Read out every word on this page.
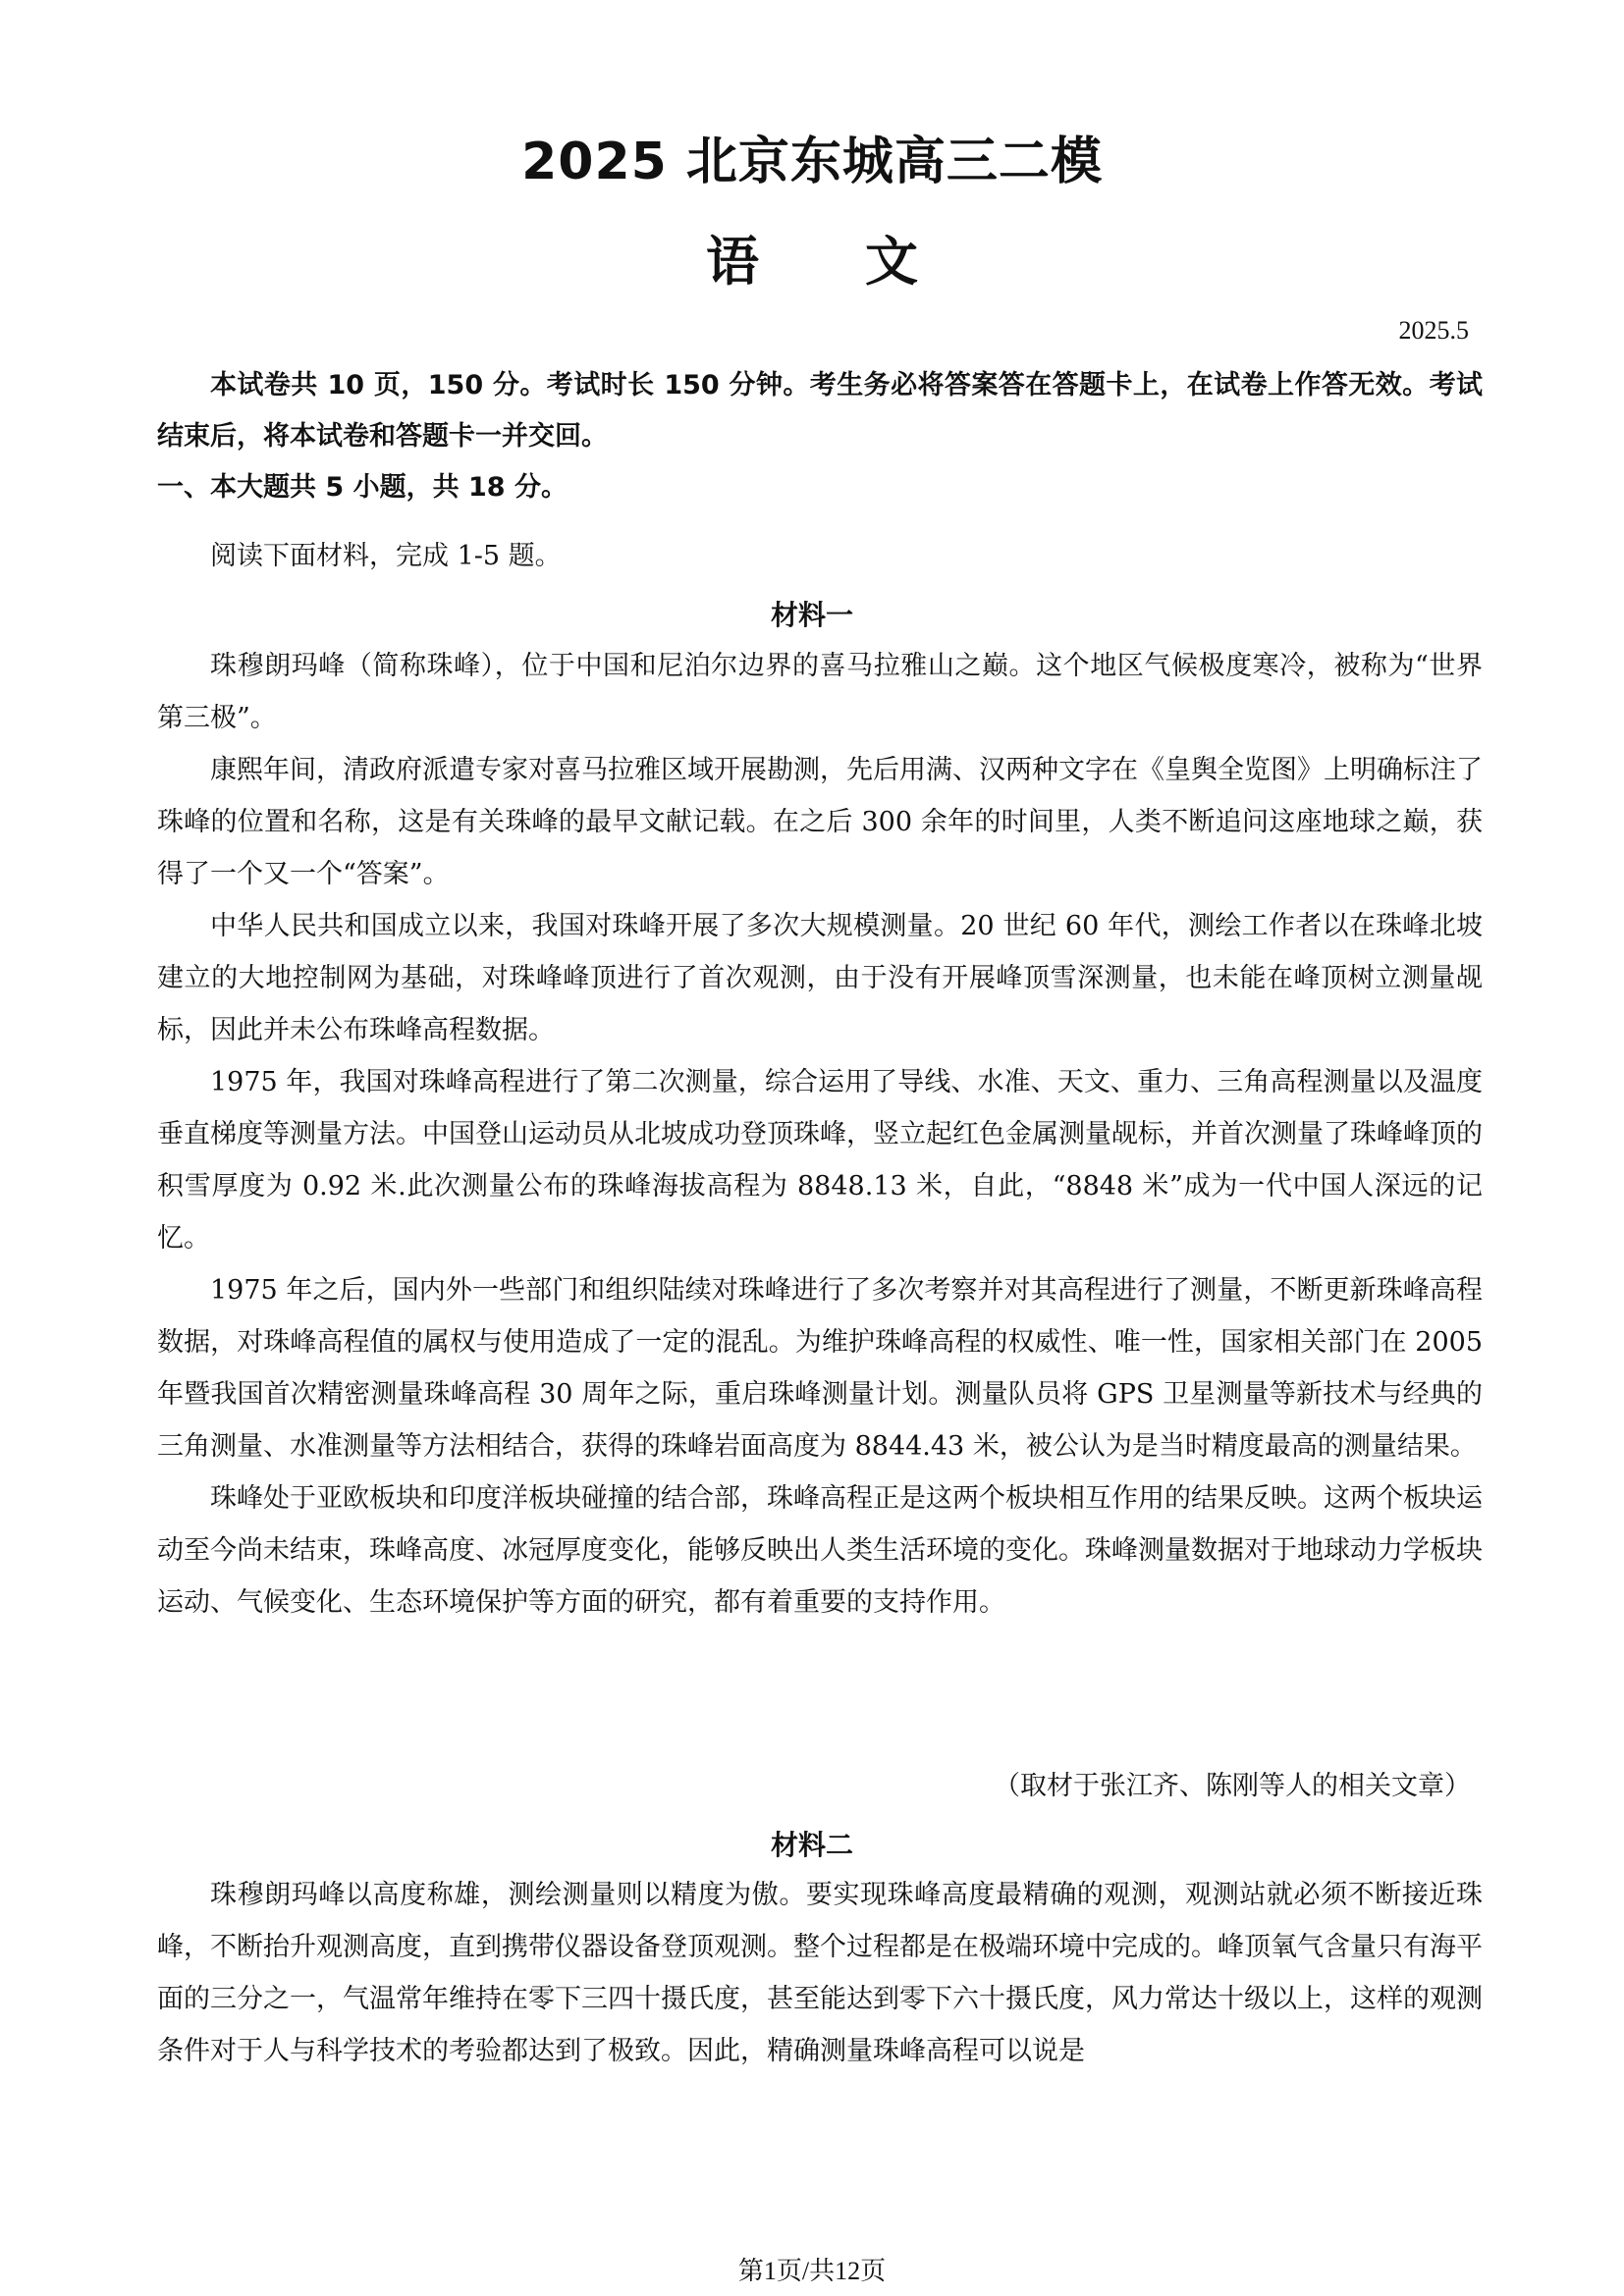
2025 北京东城高三二模
语 文
2025.5
本试卷共 10 页，150 分。考试时长 150 分钟。考生务必将答案答在答题卡上，在试卷上作答无效。考试结束后，将本试卷和答题卡一并交回。
一、本大题共 5 小题，共 18 分。
阅读下面材料，完成 1-5 题。
材料一

珠穆朗玛峰（简称珠峰），位于中国和尼泊尔边界的喜马拉雅山之巅。这个地区气候极度寒冷，被称为“世界第三极”。

康熙年间，清政府派遣专家对喜马拉雅区域开展勘测，先后用满、汉两种文字在《皇舆全览图》上明确标注了珠峰的位置和名称，这是有关珠峰的最早文献记载。在之后 300 余年的时间里，人类不断追问这座地球之巅，获得了一个又一个“答案”。

中华人民共和国成立以来，我国对珠峰开展了多次大规模测量。20 世纪 60 年代，测绘工作者以在珠峰北坡建立的大地控制网为基础，对珠峰峰顶进行了首次观测，由于没有开展峰顶雪深测量，也未能在峰顶树立测量觇标，因此并未公布珠峰高程数据。

1975 年，我国对珠峰高程进行了第二次测量，综合运用了导线、水准、天文、重力、三角高程测量以及温度垂直梯度等测量方法。中国登山运动员从北坡成功登顶珠峰，竖立起红色金属测量觇标，并首次测量了珠峰峰顶的积雪厚度为 0.92 米.此次测量公布的珠峰海拔高程为 8848.13 米，自此，“8848 米”成为一代中国人深远的记忆。

1975 年之后，国内外一些部门和组织陆续对珠峰进行了多次考察并对其高程进行了测量，不断更新珠峰高程数据，对珠峰高程值的属权与使用造成了一定的混乱。为维护珠峰高程的权威性、唯一性，国家相关部门在 2005 年暨我国首次精密测量珠峰高程 30 周年之际，重启珠峰测量计划。测量队员将 GPS 卫星测量等新技术与经典的三角测量、水准测量等方法相结合，获得的珠峰岩面高度为 8844.43 米，被公认为是当时精度最高的测量结果。

珠峰处于亚欧板块和印度洋板块碰撞的结合部，珠峰高程正是这两个板块相互作用的结果反映。这两个板块运动至今尚未结束，珠峰高度、冰冠厚度变化，能够反映出人类生活环境的变化。珠峰测量数据对于地球动力学板块运动、气候变化、生态环境保护等方面的研究，都有着重要的支持作用。

（取材于张江齐、陈刚等人的相关文章）
材料二

珠穆朗玛峰以高度称雄，测绘测量则以精度为傲。要实现珠峰高度最精确的观测，观测站就必须不断接近珠峰，不断抬升观测高度，直到携带仪器设备登顶观测。整个过程都是在极端环境中完成的。峰顶氧气含量只有海平面的三分之一，气温常年维持在零下三四十摄氏度，甚至能达到零下六十摄氏度，风力常达十级以上，这样的观测条件对于人与科学技术的考验都达到了极致。因此，精确测量珠峰高程可以说是

第1页/共12页
